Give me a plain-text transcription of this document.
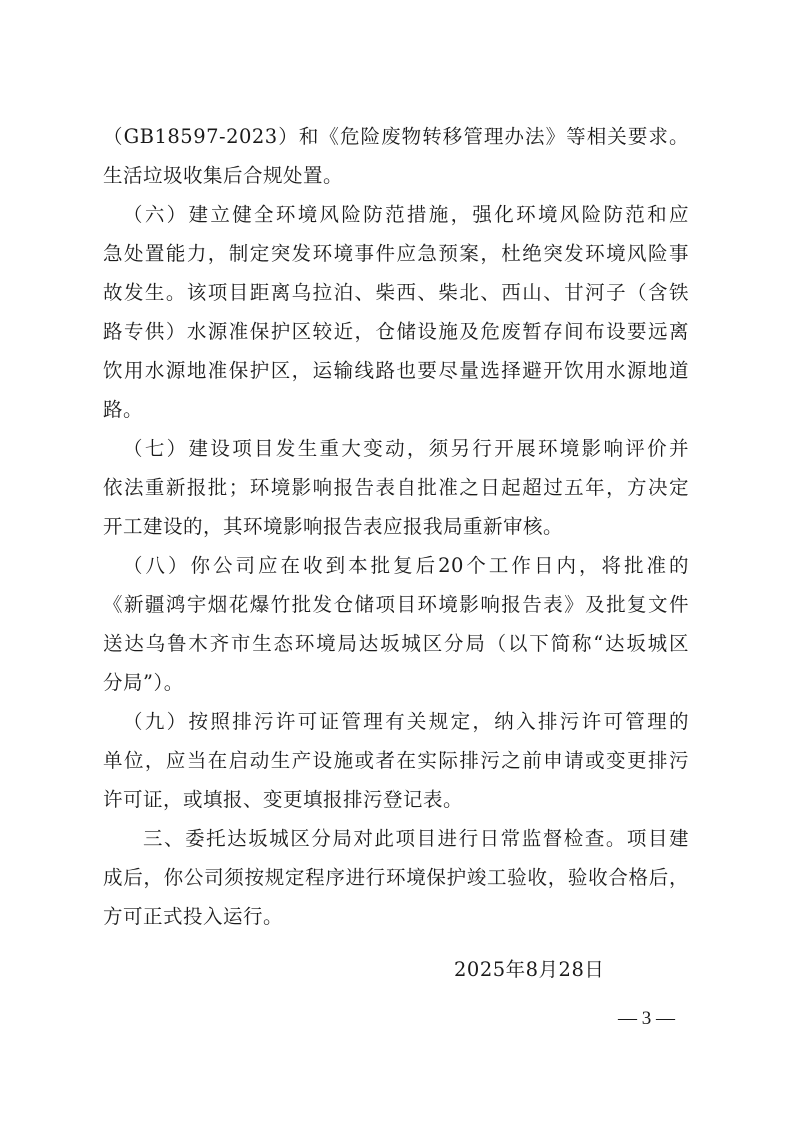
（GB18597-2023）和《危险废物转移管理办法》等相关要求。
生活垃圾收集后合规处置。
（六）建立健全环境风险防范措施，强化环境风险防范和应
急处置能力，制定突发环境事件应急预案，杜绝突发环境风险事
故发生。该项目距离乌拉泊、柴西、柴北、西山、甘河子（含铁
路专供）水源准保护区较近，仓储设施及危废暂存间布设要远离
饮用水源地准保护区，运输线路也要尽量选择避开饮用水源地道
路。
（七）建设项目发生重大变动，须另行开展环境影响评价并
依法重新报批；环境影响报告表自批准之日起超过五年，方决定
开工建设的，其环境影响报告表应报我局重新审核。
（八）你公司应在收到本批复后20个工作日内，将批准的
《新疆鸿宇烟花爆竹批发仓储项目环境影响报告表》及批复文件
送达乌鲁木齐市生态环境局达坂城区分局（以下简称“达坂城区
分局”）。
（九）按照排污许可证管理有关规定，纳入排污许可管理的
单位，应当在启动生产设施或者在实际排污之前申请或变更排污
许可证，或填报、变更填报排污登记表。
三、委托达坂城区分局对此项目进行日常监督检查。项目建
成后，你公司须按规定程序进行环境保护竣工验收，验收合格后，
方可正式投入运行。
2025年8月28日
— 3 —
